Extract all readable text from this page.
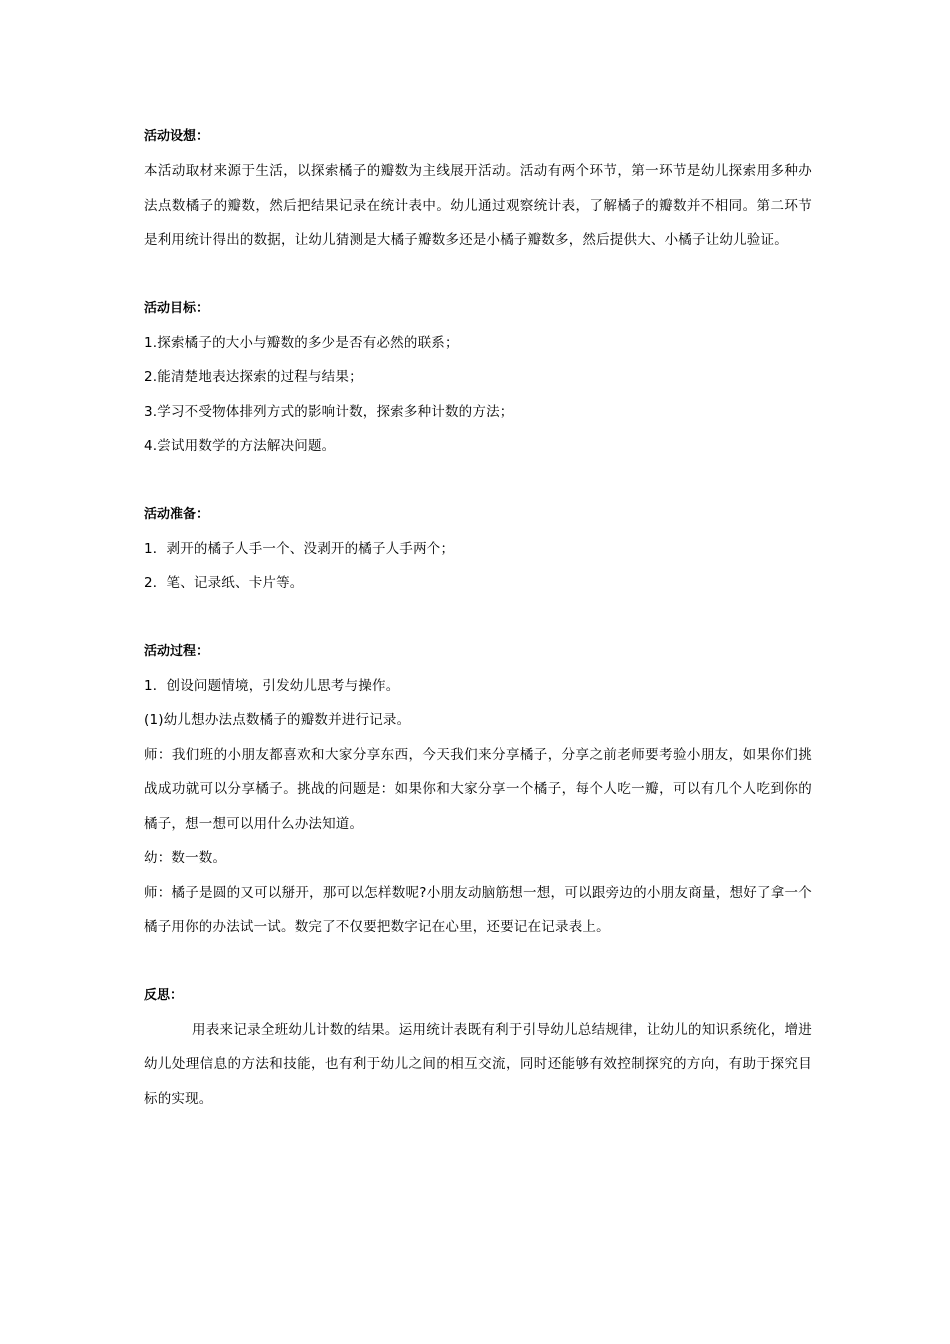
活动设想：

本活动取材来源于生活，以探索橘子的瓣数为主线展开活动。活动有两个环节，第一环节是幼儿探索用多种办法点数橘子的瓣数，然后把结果记录在统计表中。幼儿通过观察统计表，了解橘子的瓣数并不相同。第二环节是利用统计得出的数据，让幼儿猜测是大橘子瓣数多还是小橘子瓣数多，然后提供大、小橘子让幼儿验证。

活动目标：

1.探索橘子的大小与瓣数的多少是否有必然的联系；

2.能清楚地表达探索的过程与结果；

3.学习不受物体排列方式的影响计数，探索多种计数的方法；

4.尝试用数学的方法解决问题。

活动准备：

1．剥开的橘子人手一个、没剥开的橘子人手两个；

2．笔、记录纸、卡片等。

活动过程：

1．创设问题情境，引发幼儿思考与操作。

(1)幼儿想办法点数橘子的瓣数并进行记录。

师：我们班的小朋友都喜欢和大家分享东西，今天我们来分享橘子，分享之前老师要考验小朋友，如果你们挑战成功就可以分享橘子。挑战的问题是：如果你和大家分享一个橘子，每个人吃一瓣，可以有几个人吃到你的橘子，想一想可以用什么办法知道。

幼：数一数。

师：橘子是圆的又可以掰开，那可以怎样数呢?小朋友动脑筋想一想，可以跟旁边的小朋友商量，想好了拿一个橘子用你的办法试一试。数完了不仅要把数字记在心里，还要记在记录表上。

反思：

用表来记录全班幼儿计数的结果。运用统计表既有利于引导幼儿总结规律，让幼儿的知识系统化，增进幼儿处理信息的方法和技能，也有利于幼儿之间的相互交流，同时还能够有效控制探究的方向，有助于探究目标的实现。
